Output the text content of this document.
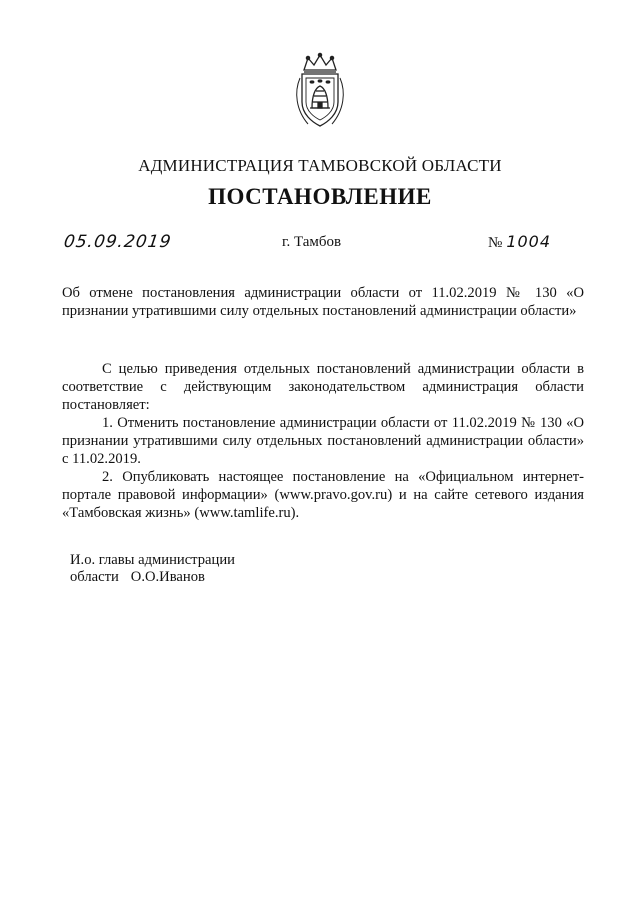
АДМИНИСТРАЦИЯ ТАМБОВСКОЙ ОБЛАСТИ
ПОСТАНОВЛЕНИЕ
05.09.2019	г. Тамбов	№ 1004
Об отмене постановления администрации области от 11.02.2019 № 130 «О признании утратившими силу отдельных постановлений администрации области»

С целью приведения отдельных постановлений администрации области в соответствие с действующим законодательством администрация области постановляет:

1. Отменить постановление администрации области от 11.02.2019 № 130 «О признании утратившими силу отдельных постановлений администрации области» с 11.02.2019.

2. Опубликовать настоящее постановление на «Официальном интернет-портале правовой информации» (www.pravo.gov.ru) и на сайте сетевого издания «Тамбовская жизнь» (www.tamlife.ru).

И.о. главы администрации
области О.О.Иванов
